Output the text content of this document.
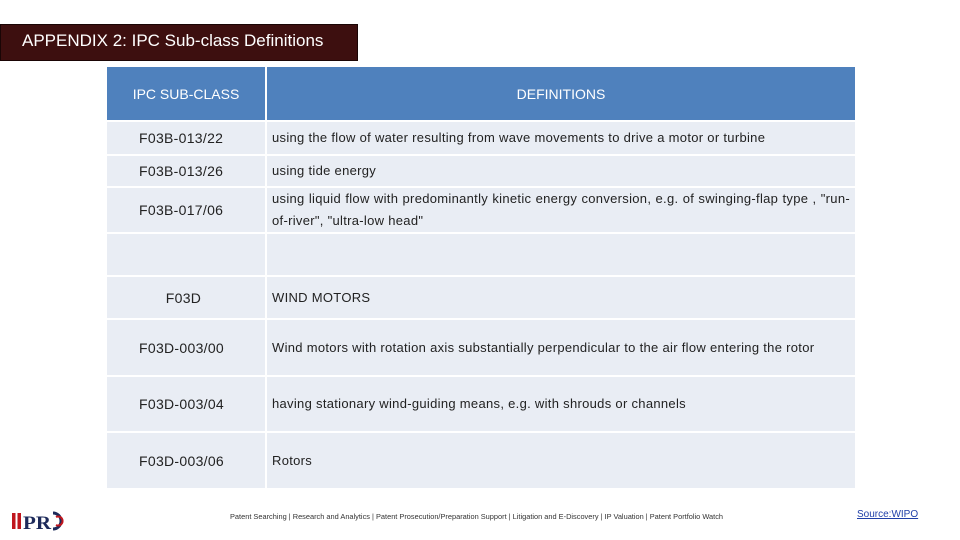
APPENDIX 2: IPC Sub-class Definitions
IPC SUB-CLASS	DEFINITIONS
F03B-013/22	using the flow of water resulting from wave movements to drive a motor or turbine
F03B-013/26	using tide energy
F03B-017/06	using liquid flow with predominantly kinetic energy conversion, e.g. of swinging-flap type , "run-of-river", "ultra-low head"

F03D	WIND MOTORS
F03D-003/00	Wind motors with rotation axis substantially perpendicular to the air flow entering the rotor
F03D-003/04	having stationary wind-guiding means, e.g. with shrouds or channels
F03D-003/06	Rotors
PR	Patent Searching | Research and Analytics | Patent Prosecution/Preparation Support | Litigation and E-Discovery | IP Valuation | Patent Portfolio Watch	Source:WIPO
